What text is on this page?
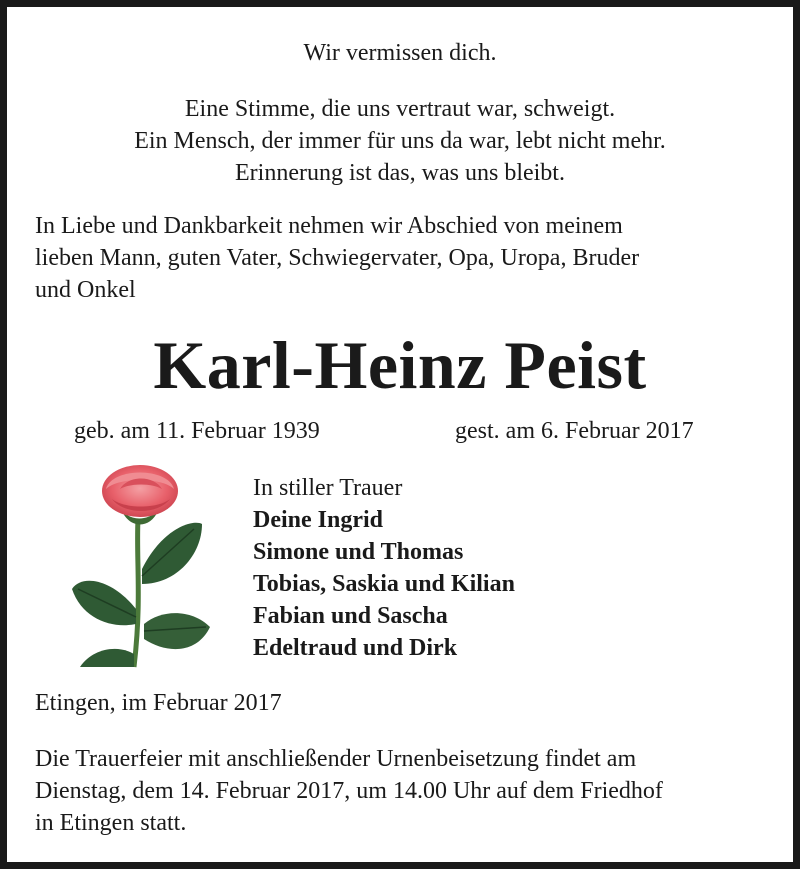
Wir vermissen dich.
Eine Stimme, die uns vertraut war, schweigt.
Ein Mensch, der immer für uns da war, lebt nicht mehr.
Erinnerung ist das, was uns bleibt.
In Liebe und Dankbarkeit nehmen wir Abschied von meinem
lieben Mann, guten Vater, Schwiegervater, Opa, Uropa, Bruder
und Onkel
Karl-Heinz Peist
geb. am 11. Februar 1939	gest. am 6. Februar 2017
In stiller Trauer
Deine Ingrid
Simone und Thomas
Tobias, Saskia und Kilian
Fabian und Sascha
Edeltraud und Dirk
Etingen, im Februar 2017
Die Trauerfeier mit anschließender Urnenbeisetzung findet am
Dienstag, dem 14. Februar 2017, um 14.00 Uhr auf dem Friedhof
in Etingen statt.
